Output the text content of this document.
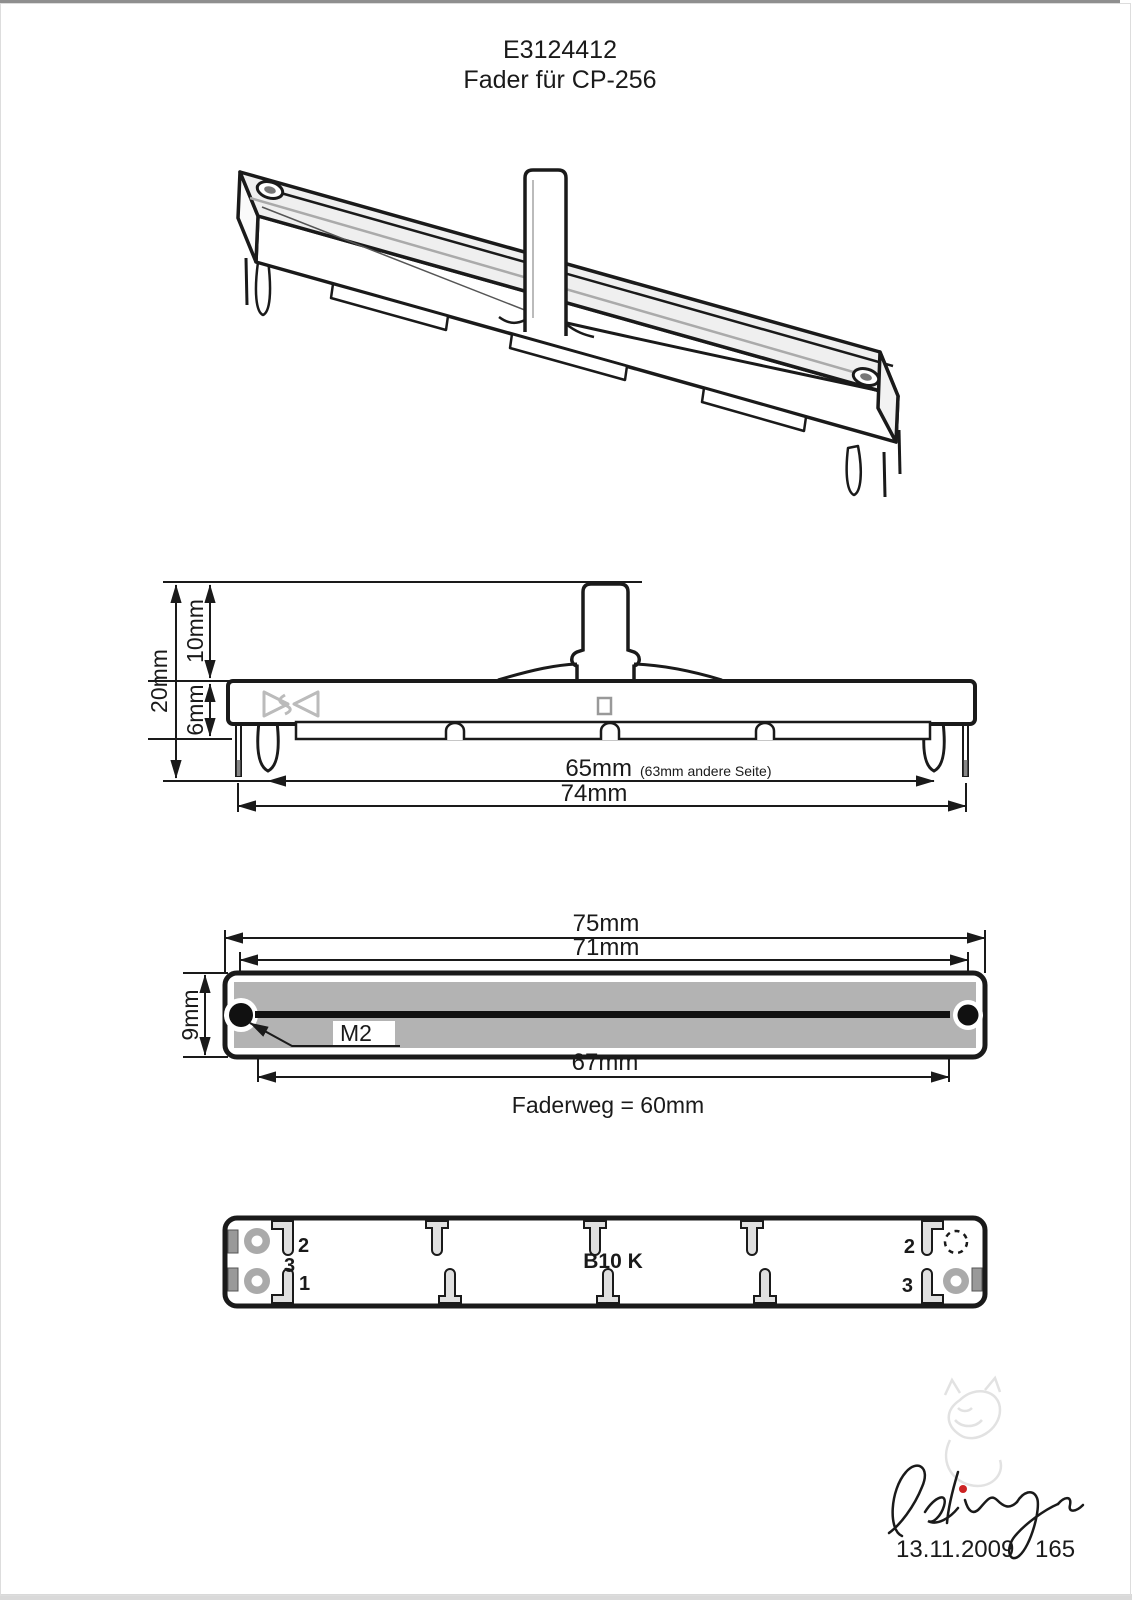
E3124412
Fader für CP-256
20mm
10mm
6mm
65mm (63mm andere Seite)
74mm
M2
75mm
71mm
9mm
67mm
Faderweg = 60mm
2
3
1
2
3
B10 K
13.11.2009 165
